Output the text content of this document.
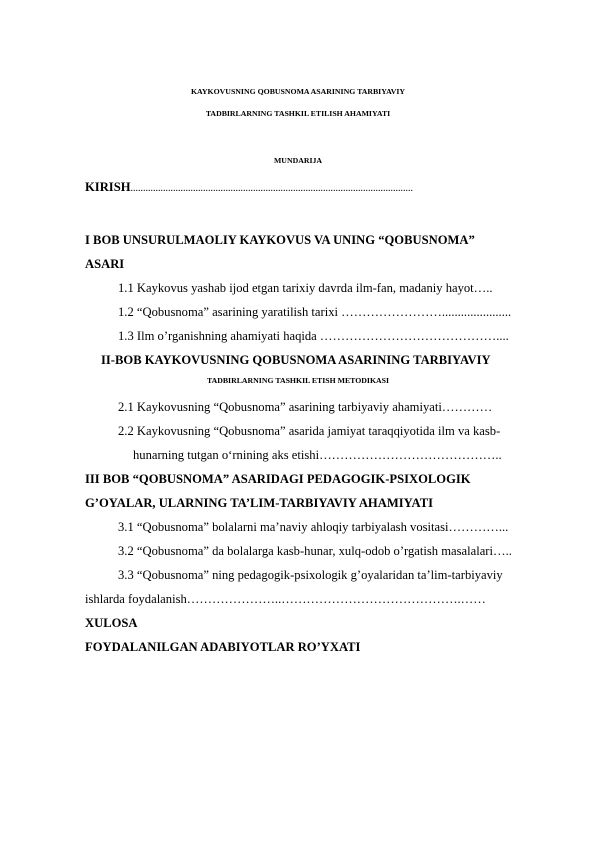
KAYKOVUSNING QOBUSNOMA ASARINING TARBIYAVIY
TADBIRLARNING TASHKIL ETILISH AHAMIYATI
MUNDARIJA
KIRISH.................................................................................................................
I BOB UNSURULMAOLIY KAYKOVUS VA UNING “QOBUSNOMA”
ASARI
1.1 Kaykovus yashab ijod etgan tarixiy davrda ilm-fan, madaniy hayot…..
1.2 “Qobusnoma” asarining yaratilish tarixi ……………………......................
1.3 Ilm o’rganishning ahamiyati haqida ……………………………………....
II-BOB KAYKOVUSNING QOBUSNOMA ASARINING TARBIYAVIY
TADBIRLARNING TASHKIL ETISH METODIKASI
2.1 Kaykovusning “Qobusnoma” asarining tarbiyaviy ahamiyati…………
2.2 Kaykovusning “Qobusnoma” asarida jamiyat taraqqiyotida ilm va kasb-
hunarning tutgan o‘rnining aks etishi……………………………………..
III BOB “QOBUSNOMA” ASARIDAGI PEDAGOGIK-PSIXOLOGIK
G’OYALAR, ULARNING TA’LIM-TARBIYAVIY AHAMIYATI
3.1 “Qobusnoma” bolalarni ma’naviy ahloqiy tarbiyalash vositasi…………...
3.2 “Qobusnoma” da bolalarga kasb-hunar, xulq-odob o’rgatish masalalari…..
3.3 “Qobusnoma” ning pedagogik-psixologik g’oyalaridan ta’lim-tarbiyaviy
ishlarda foydalanish…………………..…………………………………….……
XULOSA
FOYDALANILGAN ADABIYOTLAR RO’YXATI
